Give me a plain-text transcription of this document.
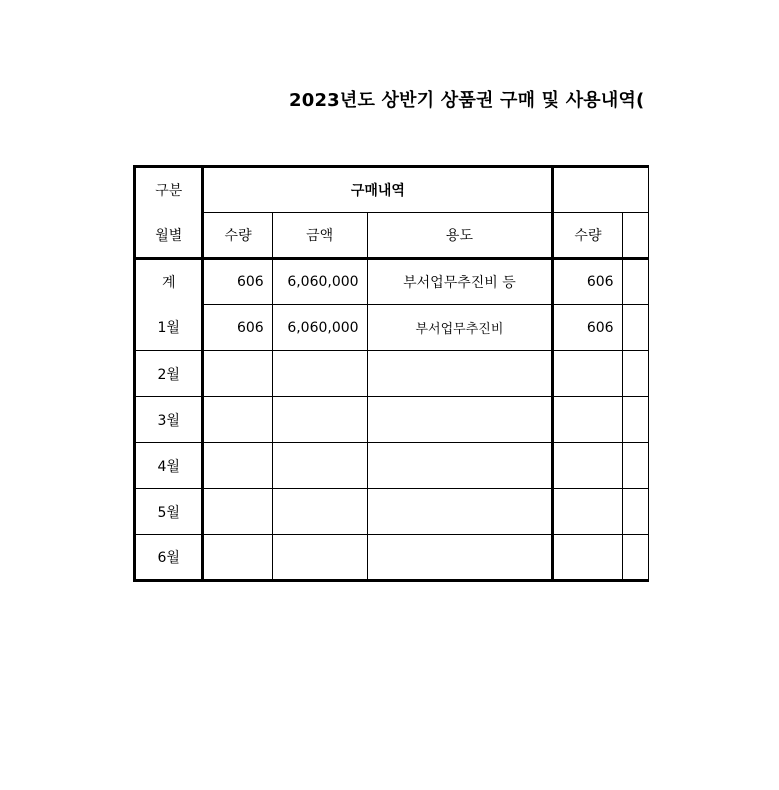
2023년도 상반기 상품권 구매 및 사용내역(
구분	구매내역				
월별	수량	금액	용도	수량	
계	606	6,060,000	부서업무추진비 등	606	
1월	606	6,060,000	부서업무추진비	606	
2월					
3월					
4월					
5월					
6월					
